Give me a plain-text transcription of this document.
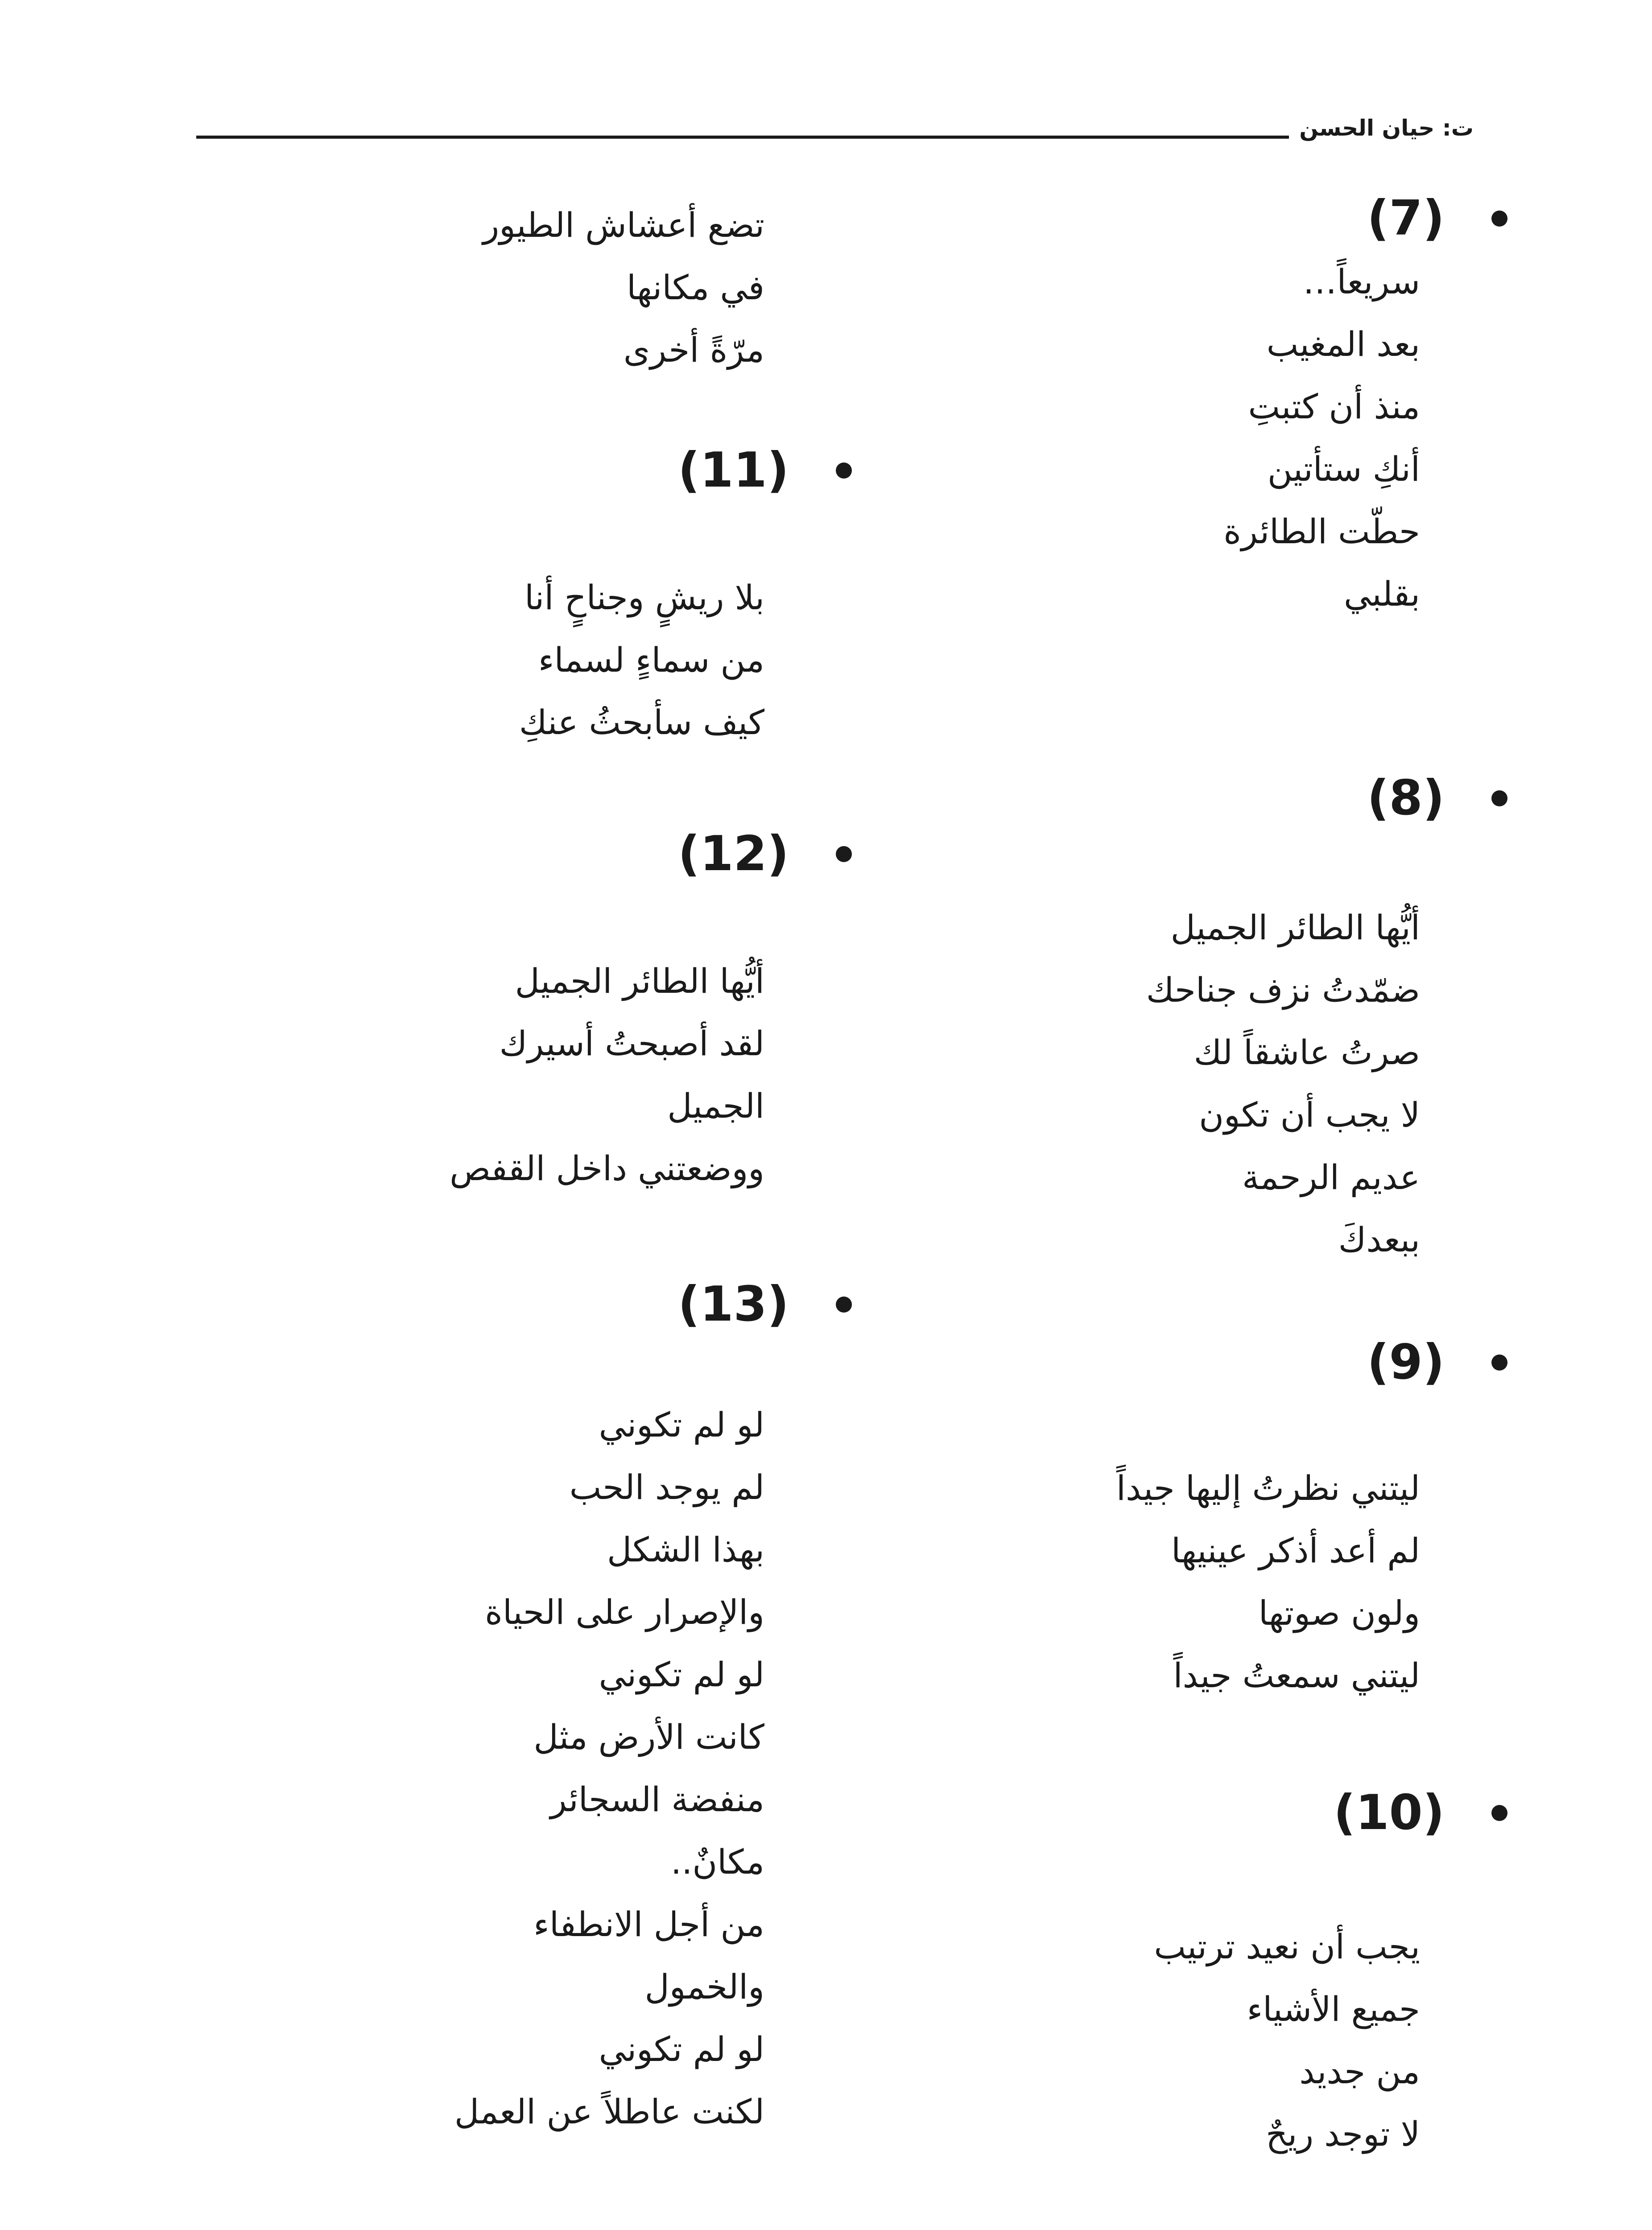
ت: حيان الحسن
(7)
سريعاً…
بعد المغيب
منذ أن كتبتِ
أنكِ ستأتين
حطّت الطائرة
بقلبي
(8)
أيُّها الطائر الجميل
ضمّدتُ نزف جناحك
صرتُ عاشقاً لك
لا يجب أن تكون
عديم الرحمة
ببعدكَ
(9)
ليتني نظرتُ إليها جيداً
لم أعد أذكر عينيها
ولون صوتها
ليتني سمعتُ جيداً
(10)
يجب أن نعيد ترتيب
جميع الأشياء
من جديد
لا توجد ريحٌ
تضع أعشاش الطيور
في مكانها
مرّةً أخرى
(11)
بلا ريشٍ وجناحٍ أنا
من سماءٍ لسماء
كيف سأبحثُ عنكِ
(12)
أيُّها الطائر الجميل
لقد أصبحتُ أسيرك
الجميل
ووضعتني داخل القفص
(13)
لو لم تكوني
لم يوجد الحب
بهذا الشكل
والإصرار على الحياة
لو لم تكوني
كانت الأرض مثل
منفضة السجائر
مكانٌ..
من أجل الانطفاء
والخمول
لو لم تكوني
لكنت عاطلاً عن العمل
